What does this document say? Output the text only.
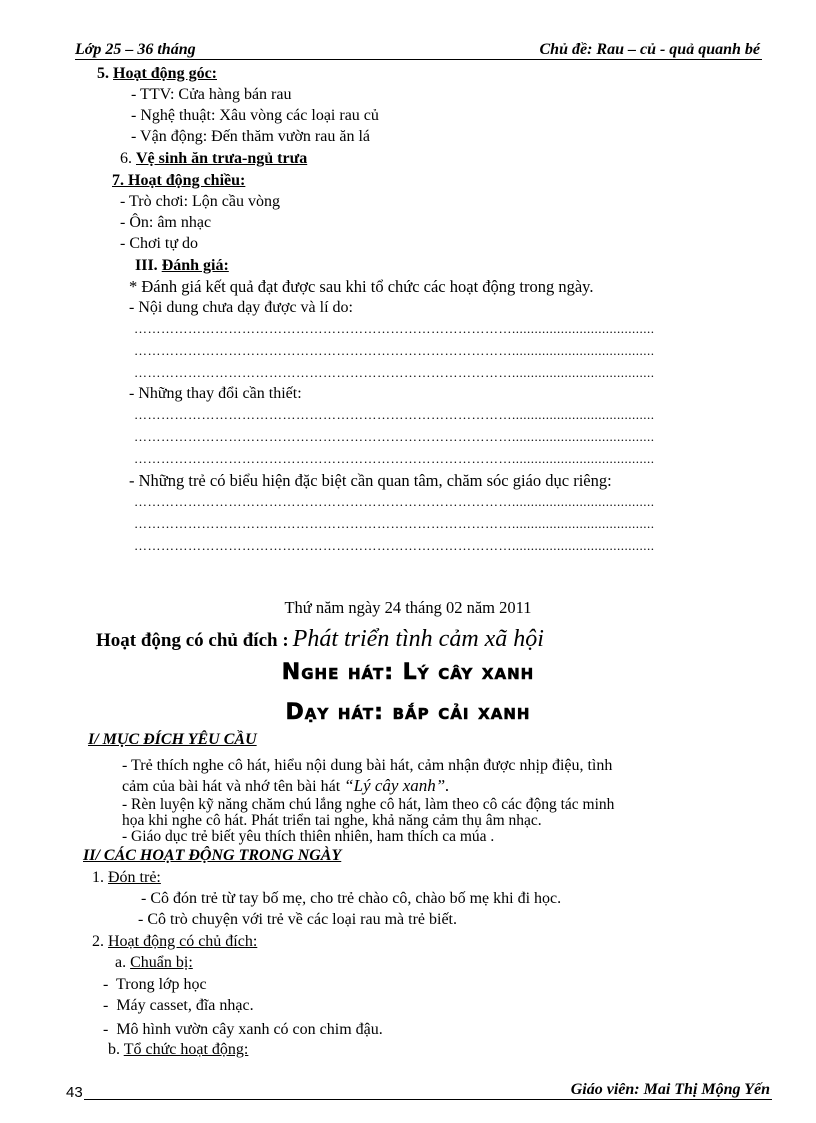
Lớp 25 – 36 tháng	Chủ đề: Rau – củ - quả quanh bé
5. Hoạt động góc:
- TTV: Cửa hàng bán rau
- Nghệ thuật: Xâu vòng các loại rau củ
- Vận động: Đến thăm vườn rau ăn lá
6. Vệ sinh ăn trưa-ngủ trưa
7. Hoạt động chiều:
- Trò chơi: Lộn cầu vòng
- Ôn: âm nhạc
- Chơi tự do
III. Đánh giá:
* Đánh giá kết quả đạt được sau khi tổ chức các hoạt động trong ngày.
- Nội dung chưa dạy được và lí do:
…………………………………………………………………………......................................
…………………………………………………………………………......................................
…………………………………………………………………………......................................
- Những thay đổi cần thiết:
…………………………………………………………………………......................................
…………………………………………………………………………......................................
…………………………………………………………………………......................................
- Những trẻ có biểu hiện đặc biệt cần quan tâm, chăm sóc giáo dục riêng:
…………………………………………………………………………......................................
…………………………………………………………………………......................................
…………………………………………………………………………......................................
Thứ năm ngày 24 tháng 02 năm 2011
Hoạt động có chủ đích : Phát triển tình cảm xã hội
Nghe hát: Lý cây xanh
Dạy hát: bắp cải xanh
I/ MỤC ĐÍCH YÊU CẦU
- Trẻ thích nghe cô hát, hiểu nội dung bài hát, cảm nhận được nhịp điệu, tình
cảm của bài hát và nhớ tên bài hát “Lý cây xanh”.
- Rèn luyện kỹ năng chăm chú lắng nghe cô hát, làm theo cô các động tác minh
họa khi nghe cô hát. Phát triển tai nghe, khả năng cảm thụ âm nhạc.
- Giáo dục trẻ biết yêu thích thiên nhiên, ham thích ca múa .
II/ CÁC HOẠT ĐỘNG TRONG NGÀY
1. Đón trẻ:
- Cô đón trẻ từ tay bố mẹ, cho trẻ chào cô, chào bố mẹ khi đi học.
- Cô trò chuyện với trẻ về các loại rau mà trẻ biết.
2. Hoạt động có chủ đích:
a. Chuẩn bị:
-  Trong lớp học
-  Máy casset, đĩa nhạc.
-  Mô hình vườn cây xanh có con chim đậu.
b. Tổ chức hoạt động:
43	Giáo viên: Mai Thị Mộng Yến
